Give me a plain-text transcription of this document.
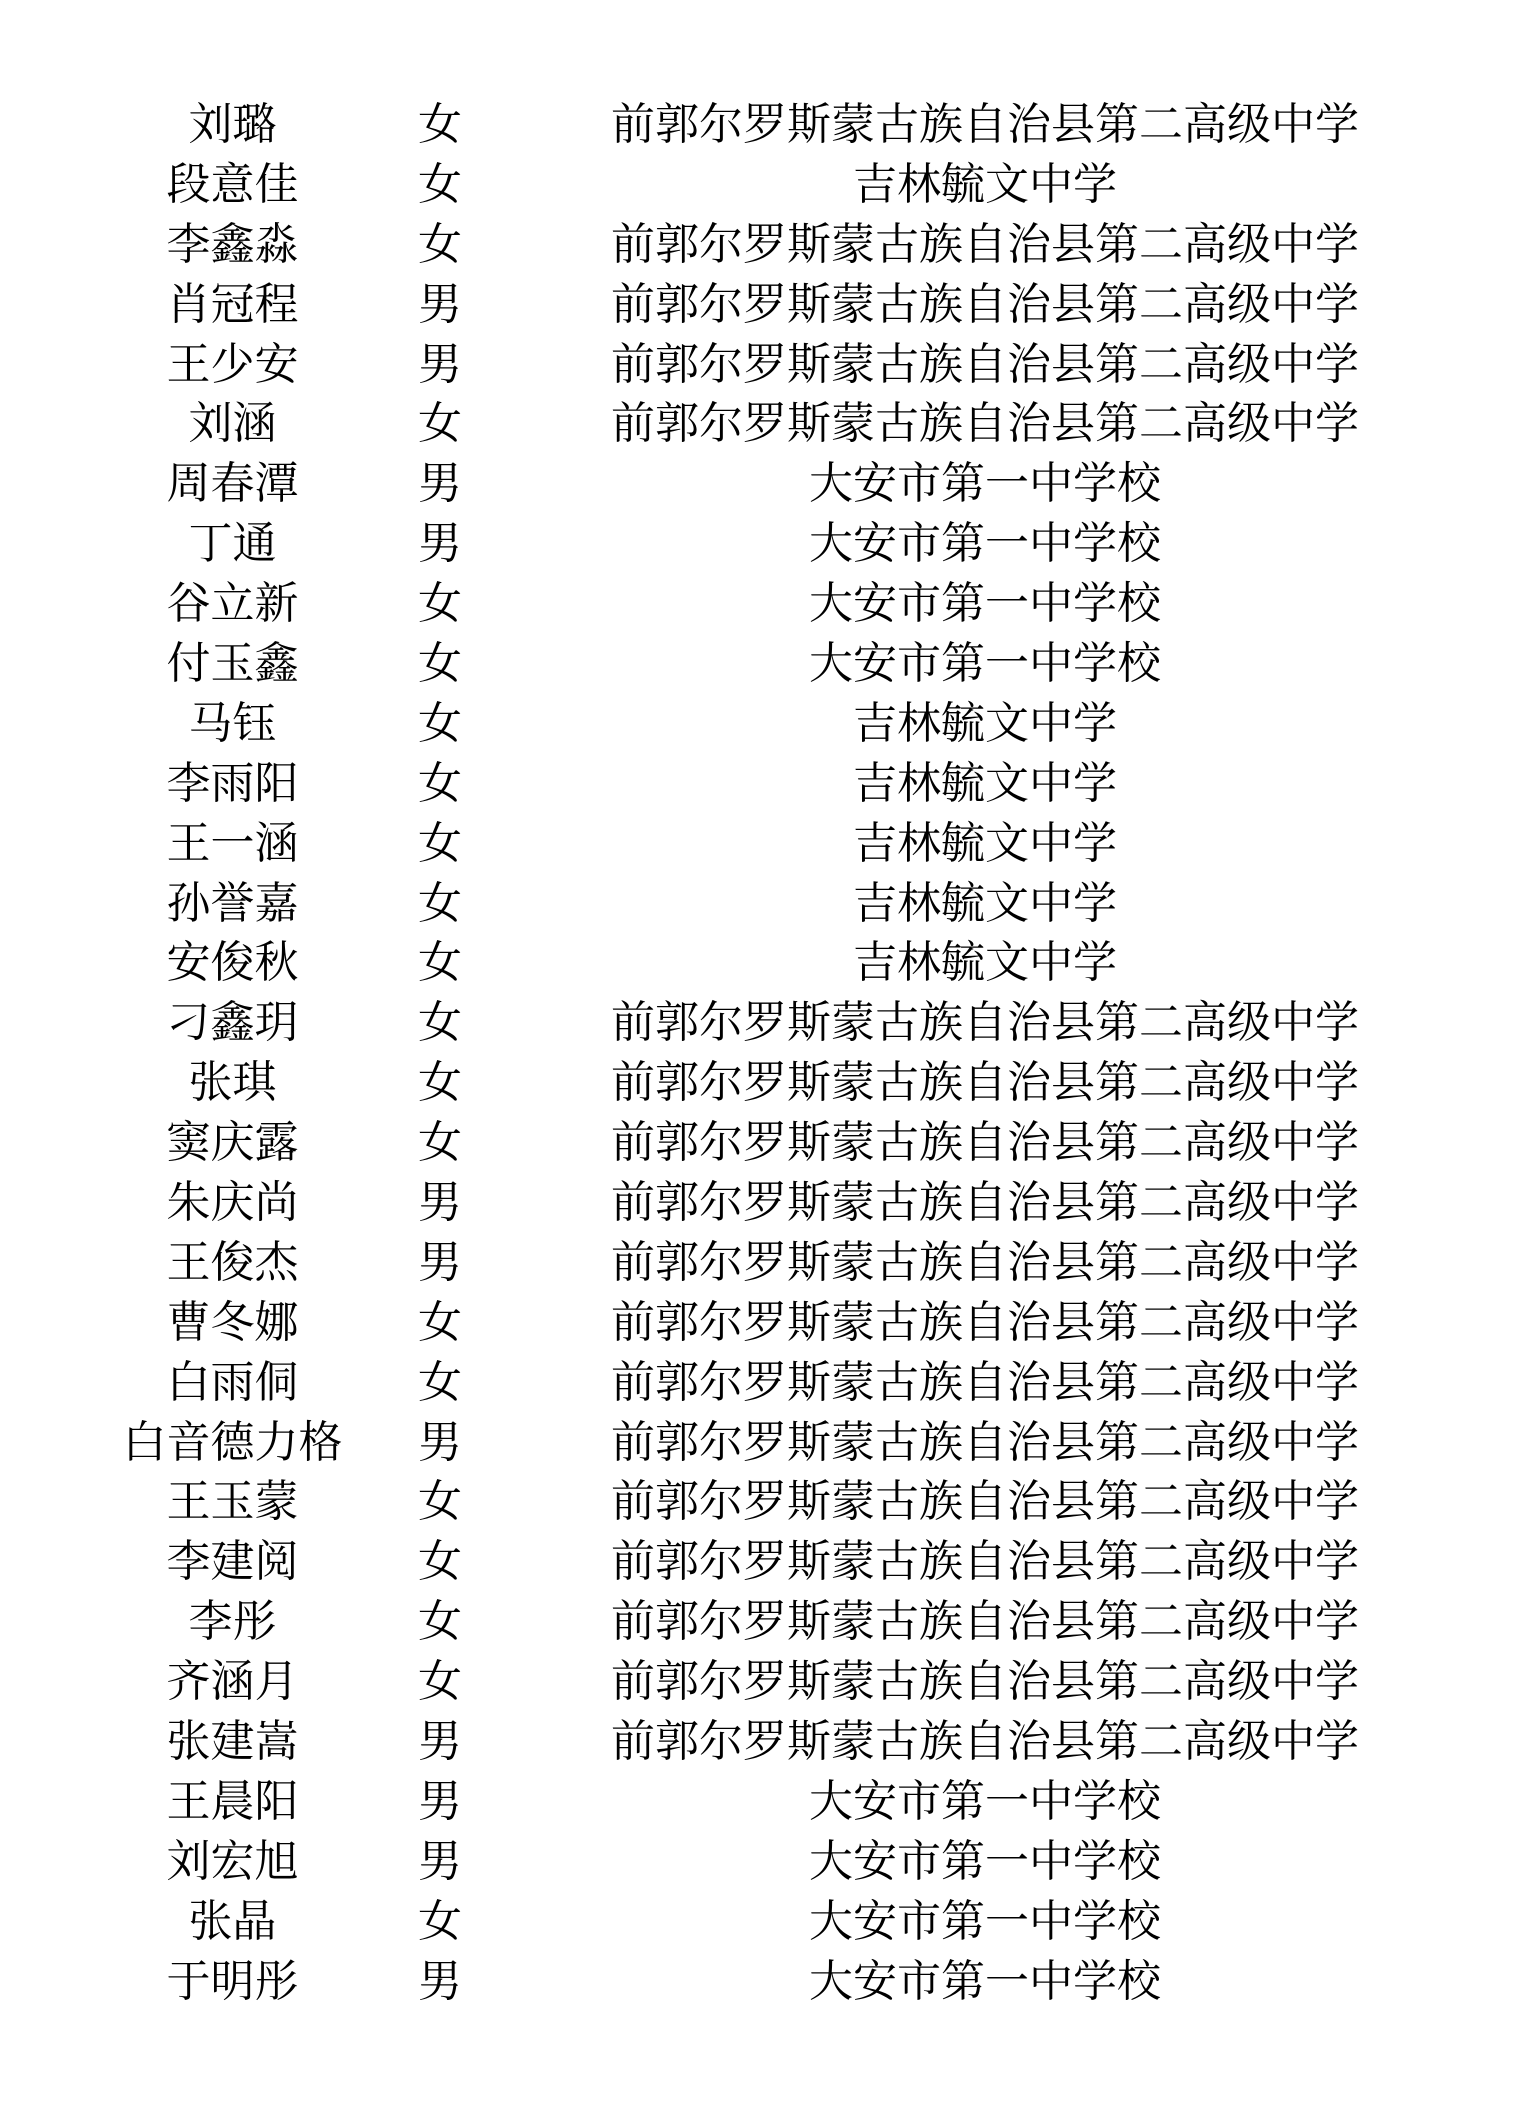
刘璐	女	前郭尔罗斯蒙古族自治县第二高级中学
段意佳	女	吉林毓文中学
李鑫淼	女	前郭尔罗斯蒙古族自治县第二高级中学
肖冠程	男	前郭尔罗斯蒙古族自治县第二高级中学
王少安	男	前郭尔罗斯蒙古族自治县第二高级中学
刘涵	女	前郭尔罗斯蒙古族自治县第二高级中学
周春潭	男	大安市第一中学校
丁通	男	大安市第一中学校
谷立新	女	大安市第一中学校
付玉鑫	女	大安市第一中学校
马钰	女	吉林毓文中学
李雨阳	女	吉林毓文中学
王一涵	女	吉林毓文中学
孙誉嘉	女	吉林毓文中学
安俊秋	女	吉林毓文中学
刁鑫玥	女	前郭尔罗斯蒙古族自治县第二高级中学
张琪	女	前郭尔罗斯蒙古族自治县第二高级中学
窦庆露	女	前郭尔罗斯蒙古族自治县第二高级中学
朱庆尚	男	前郭尔罗斯蒙古族自治县第二高级中学
王俊杰	男	前郭尔罗斯蒙古族自治县第二高级中学
曹冬娜	女	前郭尔罗斯蒙古族自治县第二高级中学
白雨侗	女	前郭尔罗斯蒙古族自治县第二高级中学
白音德力格	男	前郭尔罗斯蒙古族自治县第二高级中学
王玉蒙	女	前郭尔罗斯蒙古族自治县第二高级中学
李建阅	女	前郭尔罗斯蒙古族自治县第二高级中学
李彤	女	前郭尔罗斯蒙古族自治县第二高级中学
齐涵月	女	前郭尔罗斯蒙古族自治县第二高级中学
张建嵩	男	前郭尔罗斯蒙古族自治县第二高级中学
王晨阳	男	大安市第一中学校
刘宏旭	男	大安市第一中学校
张晶	女	大安市第一中学校
于明彤	男	大安市第一中学校
